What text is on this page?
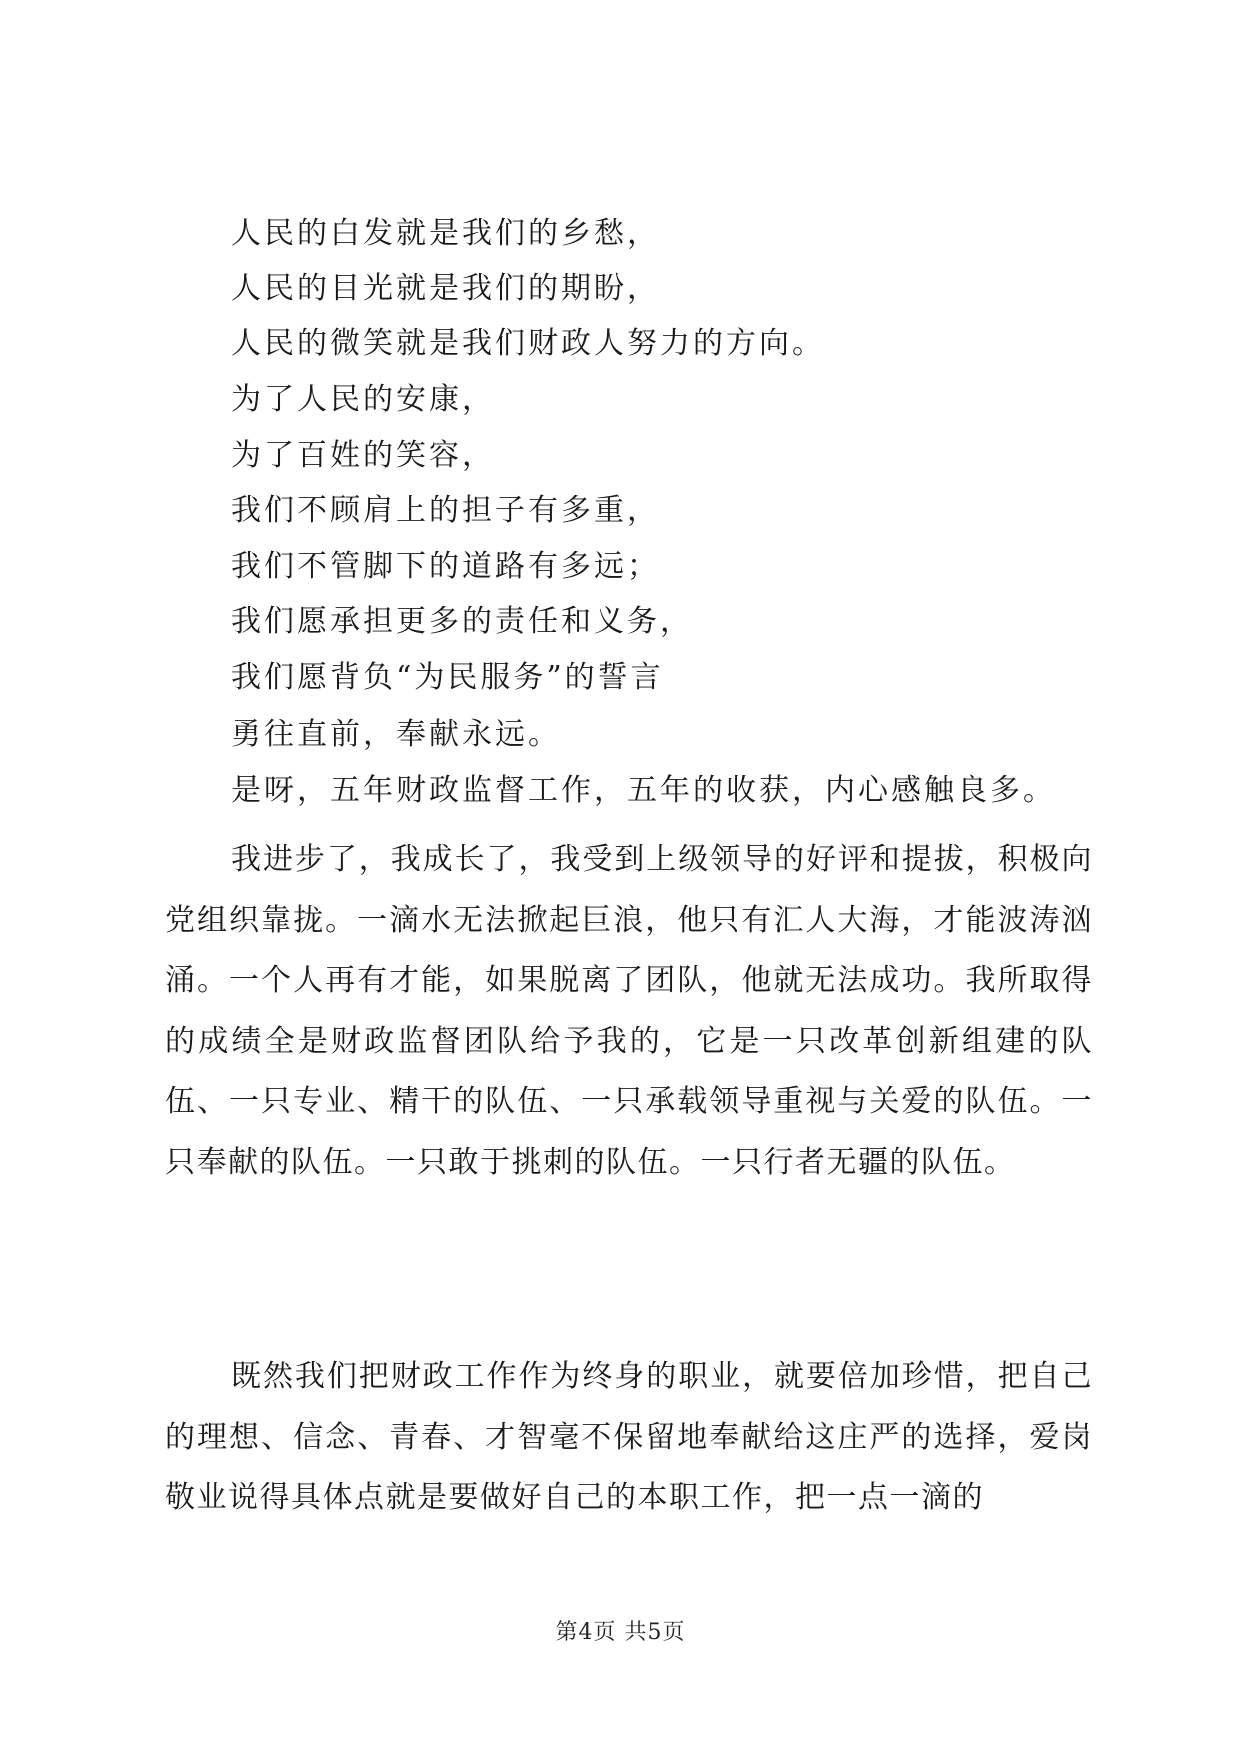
人民的白发就是我们的乡愁，
人民的目光就是我们的期盼，
人民的微笑就是我们财政人努力的方向。
为了人民的安康，
为了百姓的笑容，
我们不顾肩上的担子有多重，
我们不管脚下的道路有多远；
我们愿承担更多的责任和义务，
我们愿背负“为民服务”的誓言
勇往直前，奉献永远。
是呀，五年财政监督工作，五年的收获，内心感触良多。
我进步了，我成长了，我受到上级领导的好评和提拔，积极向党组织靠拢。一滴水无法掀起巨浪，他只有汇人大海，才能波涛汹涌。一个人再有才能，如果脱离了团队，他就无法成功。我所取得的成绩全是财政监督团队给予我的，它是一只改革创新组建的队伍、一只专业、精干的队伍、一只承载领导重视与关爱的队伍。一只奉献的队伍。一只敢于挑刺的队伍。一只行者无疆的队伍。
既然我们把财政工作作为终身的职业，就要倍加珍惜，把自己的理想、信念、青春、才智毫不保留地奉献给这庄严的选择，爱岗敬业说得具体点就是要做好自己的本职工作，把一点一滴的
第4页 共5页
